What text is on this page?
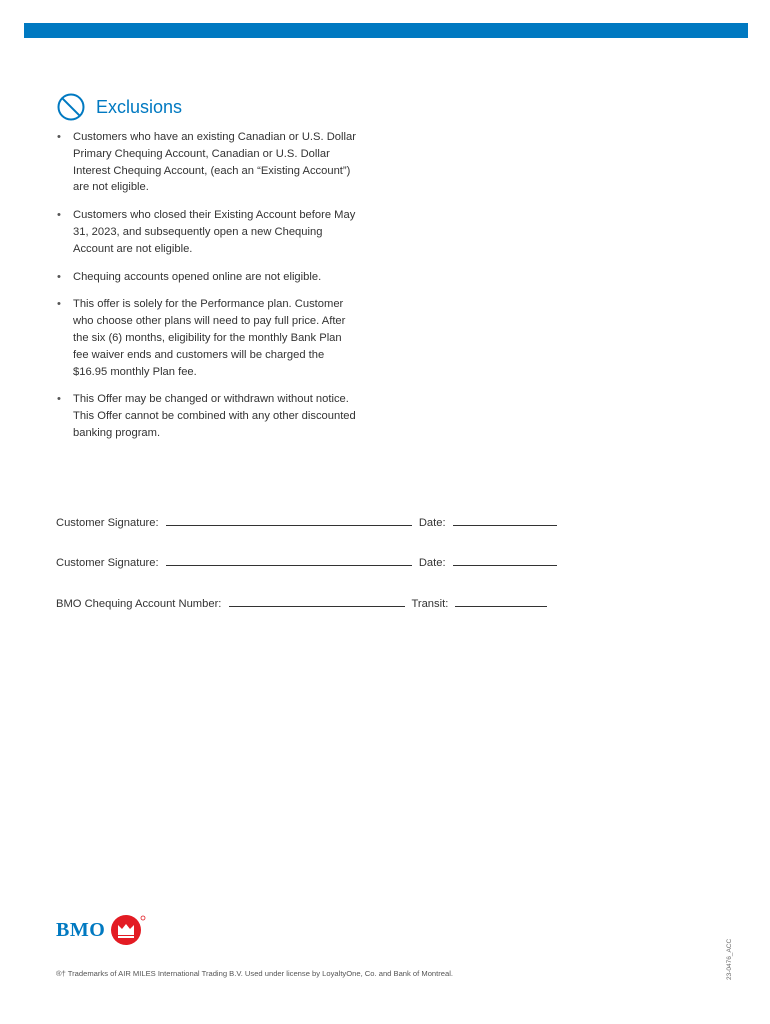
Exclusions
• Customers who have an existing Canadian or U.S. Dollar Primary Chequing Account, Canadian or U.S. Dollar Interest Chequing Account, (each an “Existing Account”) are not eligible.
• Customers who closed their Existing Account before May 31, 2023, and subsequently open a new Chequing Account are not eligible.
• Chequing accounts opened online are not eligible.
• This offer is solely for the Performance plan. Customer who choose other plans will need to pay full price. After the six (6) months, eligibility for the monthly Bank Plan fee waiver ends and customers will be charged the $16.95 monthly Plan fee.
• This Offer may be changed or withdrawn without notice. This Offer cannot be combined with any other discounted banking program.
Customer Signature:	Date:
Customer Signature:	Date:
BMO Chequing Account Number:	Transit:
BMO
®† Trademarks of AIR MILES International Trading B.V. Used under license by LoyaltyOne, Co. and Bank of Montreal.	23-0476_ACC
